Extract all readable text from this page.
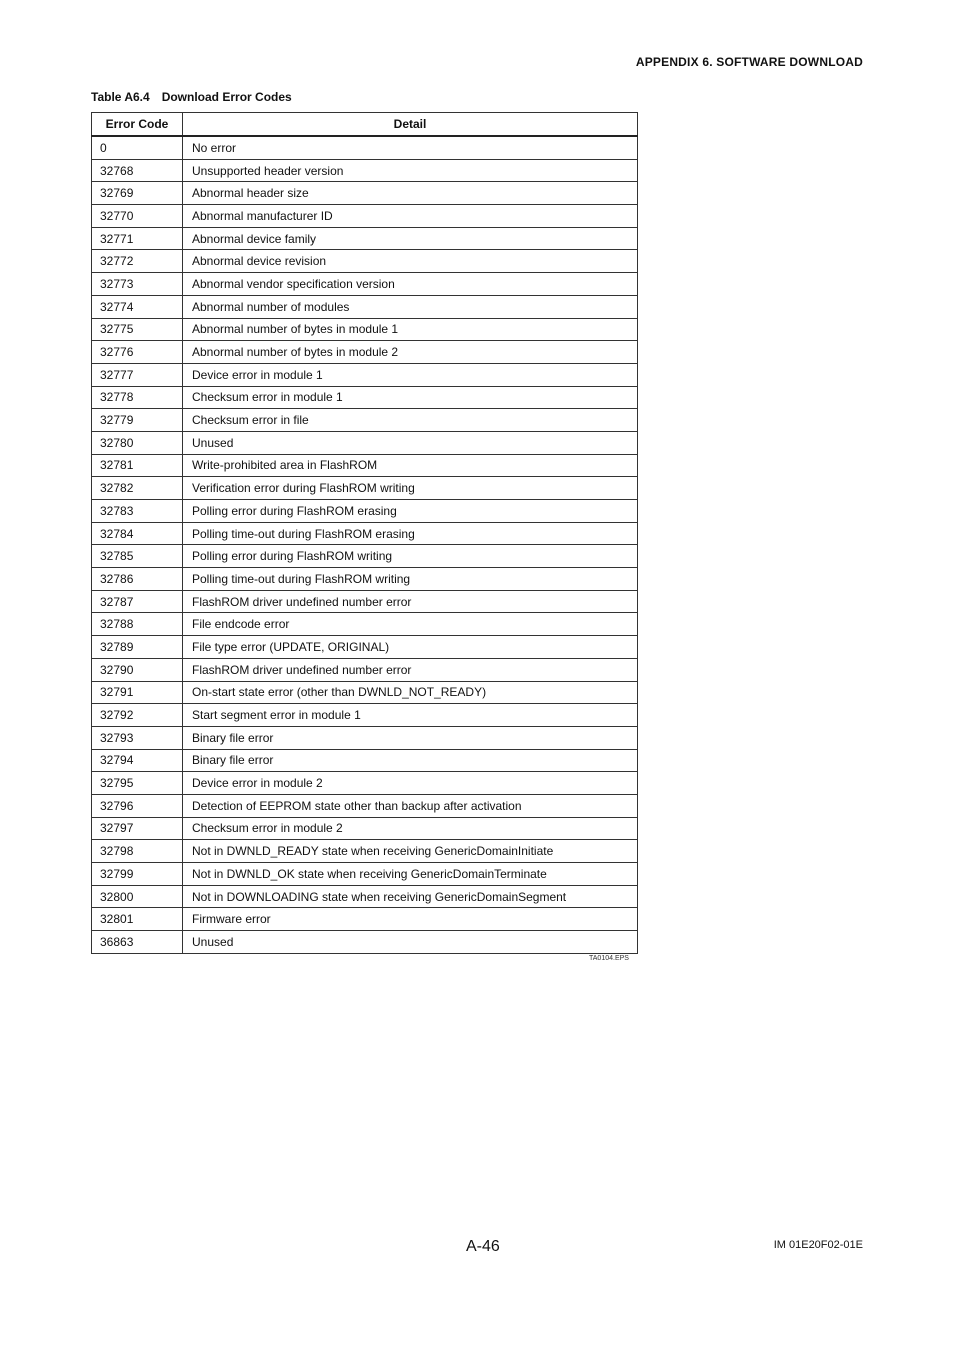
APPENDIX 6. SOFTWARE DOWNLOAD
Table A6.4 Download Error Codes
Error Code	Detail
0	No error
32768	Unsupported header version
32769	Abnormal header size
32770	Abnormal manufacturer ID
32771	Abnormal device family
32772	Abnormal device revision
32773	Abnormal vendor specification version
32774	Abnormal number of modules
32775	Abnormal number of bytes in module 1
32776	Abnormal number of bytes in module 2
32777	Device error in module 1
32778	Checksum error in module 1
32779	Checksum error in file
32780	Unused
32781	Write-prohibited area in FlashROM
32782	Verification error during FlashROM writing
32783	Polling error during FlashROM erasing
32784	Polling time-out during FlashROM erasing
32785	Polling error during FlashROM writing
32786	Polling time-out during FlashROM writing
32787	FlashROM driver undefined number error
32788	File endcode error
32789	File type error (UPDATE, ORIGINAL)
32790	FlashROM driver undefined number error
32791	On-start state error (other than DWNLD_NOT_READY)
32792	Start segment error in module 1
32793	Binary file error
32794	Binary file error
32795	Device error in module 2
32796	Detection of EEPROM state other than backup after activation
32797	Checksum error in module 2
32798	Not in DWNLD_READY state when receiving GenericDomainInitiate
32799	Not in DWNLD_OK state when receiving GenericDomainTerminate
32800	Not in DOWNLOADING state when receiving GenericDomainSegment
32801	Firmware error
36863	Unused
TA0104.EPS
A-46	IM 01E20F02-01E
